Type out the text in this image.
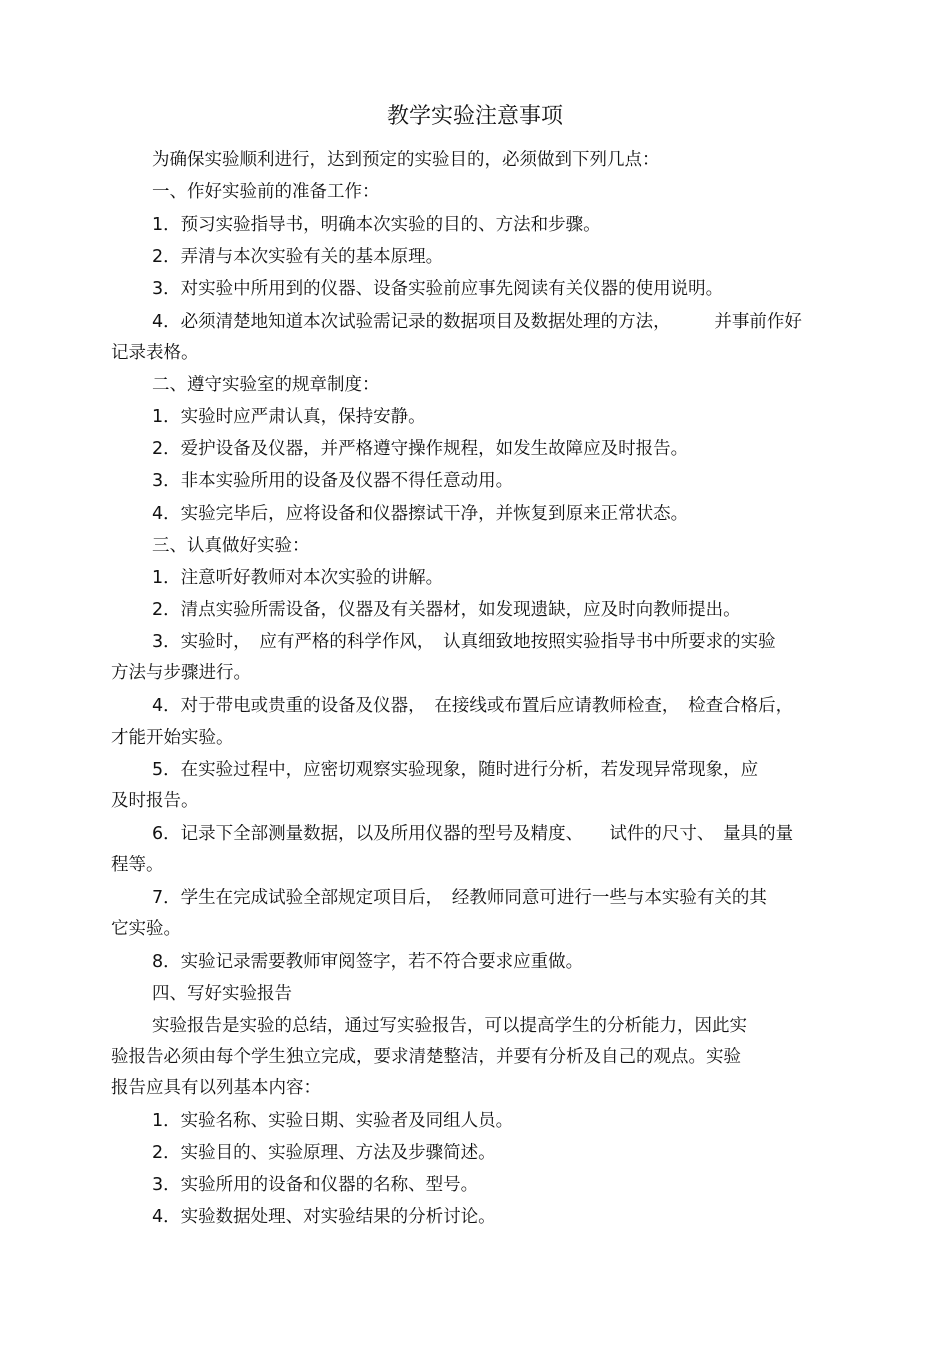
教学实验注意事项

为确保实验顺利进行，达到预定的实验目的，必须做到下列几点：

一、作好实验前的准备工作：

1．预习实验指导书，明确本次实验的目的、方法和步骤。

2．弄清与本次实验有关的基本原理。

3．对实验中所用到的仪器、设备实验前应事先阅读有关仪器的使用说明。

4．必须清楚地知道本次试验需记录的数据项目及数据处理的方法，　　　并事前作好

记录表格。

二、遵守实验室的规章制度：

1．实验时应严肃认真，保持安静。

2．爱护设备及仪器，并严格遵守操作规程，如发生故障应及时报告。

3．非本实验所用的设备及仪器不得任意动用。

4．实验完毕后，应将设备和仪器擦试干净，并恢复到原来正常状态。

三、认真做好实验：

1．注意听好教师对本次实验的讲解。

2．清点实验所需设备，仪器及有关器材，如发现遗缺，应及时向教师提出。

3．实验时，　应有严格的科学作风，　认真细致地按照实验指导书中所要求的实验

方法与步骤进行。

4．对于带电或贵重的设备及仪器，　在接线或布置后应请教师检查，　检查合格后，

才能开始实验。

5．在实验过程中，应密切观察实验现象，随时进行分析，若发现异常现象，应

及时报告。

6．记录下全部测量数据，以及所用仪器的型号及精度、　　试件的尺寸、　量具的量

程等。

7．学生在完成试验全部规定项目后，　经教师同意可进行一些与本实验有关的其

它实验。

8．实验记录需要教师审阅签字，若不符合要求应重做。

四、写好实验报告

实验报告是实验的总结，通过写实验报告，可以提高学生的分析能力，因此实

验报告必须由每个学生独立完成，要求清楚整洁，并要有分析及自己的观点。实验

报告应具有以列基本内容：

1．实验名称、实验日期、实验者及同组人员。

2．实验目的、实验原理、方法及步骤简述。

3．实验所用的设备和仪器的名称、型号。

4．实验数据处理、对实验结果的分析讨论。
